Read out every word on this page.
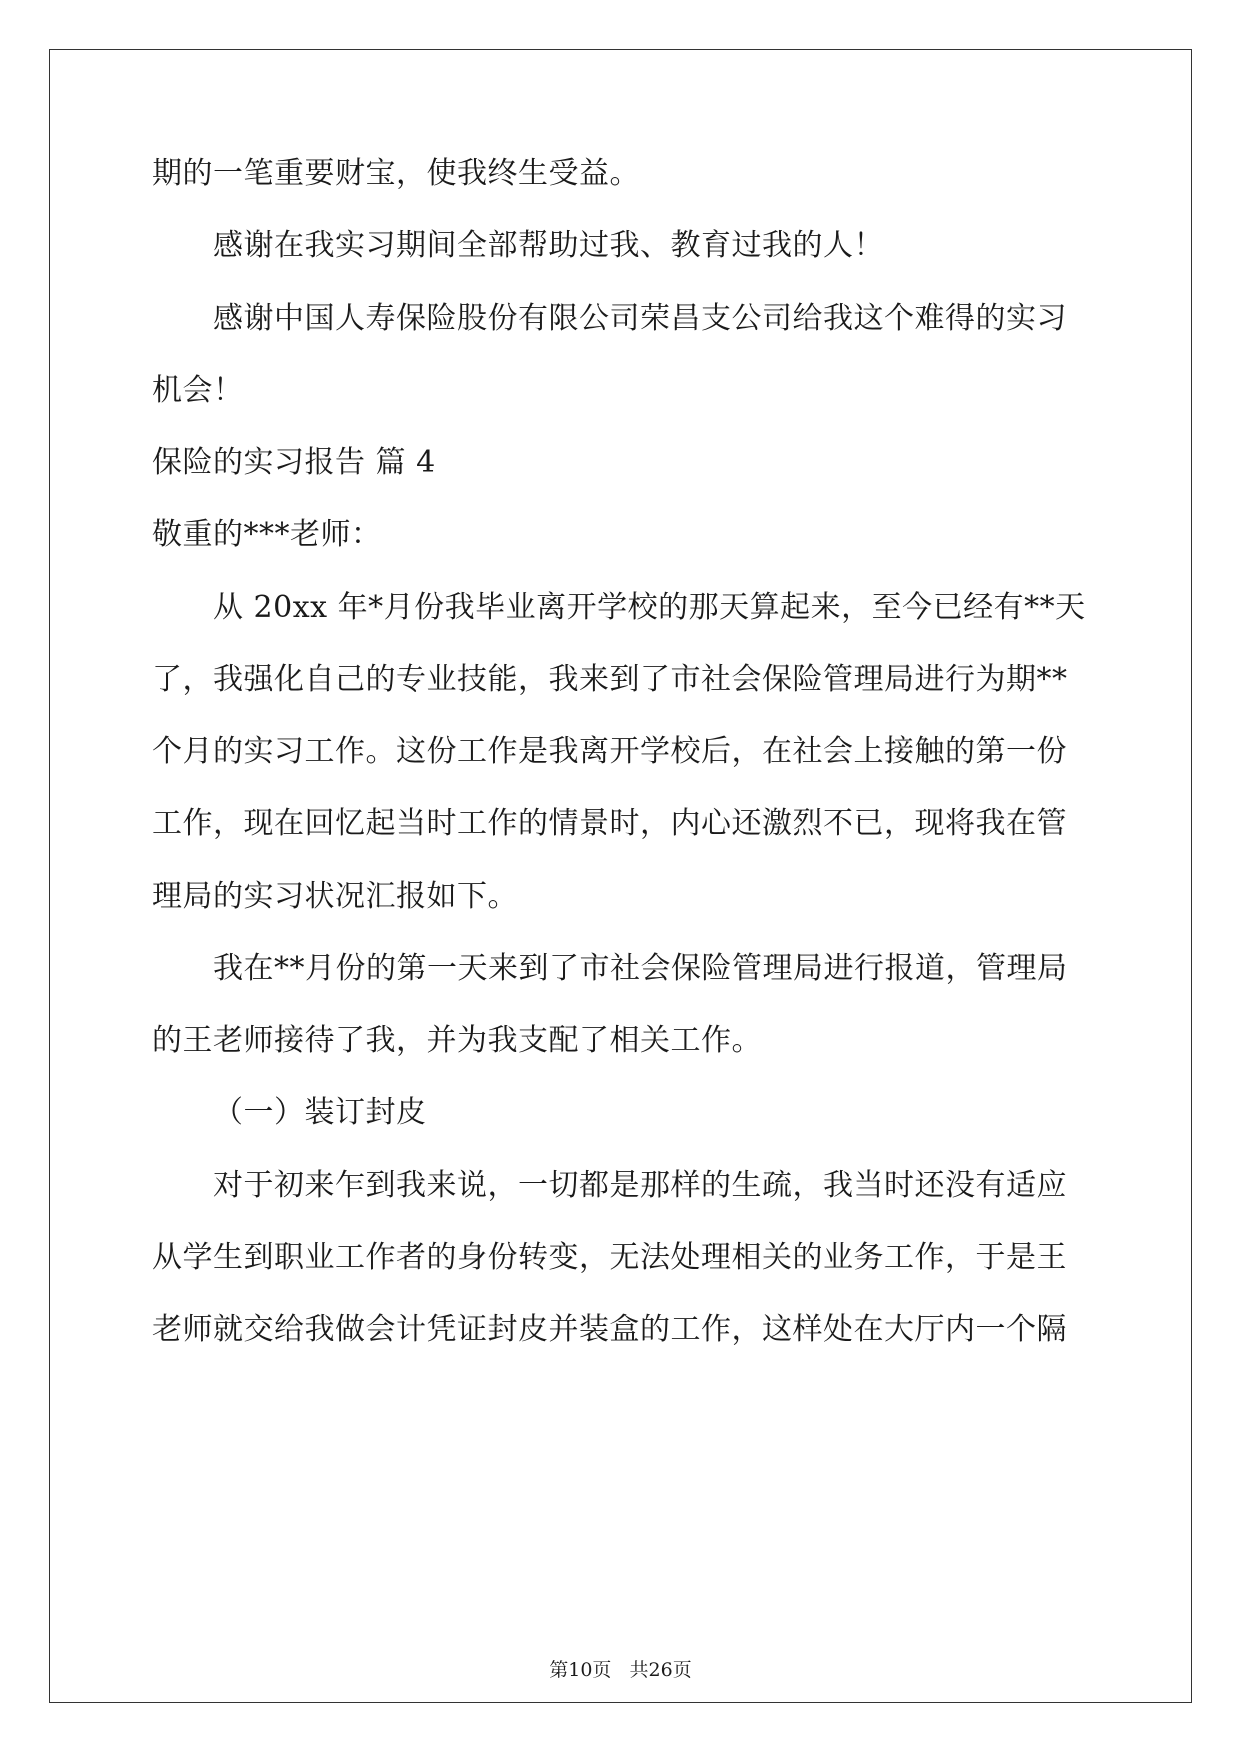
期的一笔重要财宝，使我终生受益。
感谢在我实习期间全部帮助过我、教育过我的人！
感谢中国人寿保险股份有限公司荣昌支公司给我这个难得的实习
机会！
保险的实习报告 篇 4
敬重的***老师：
从 20xx 年*月份我毕业离开学校的那天算起来，至今已经有**天
了，我强化自己的专业技能，我来到了市社会保险管理局进行为期**
个月的实习工作。这份工作是我离开学校后，在社会上接触的第一份
工作，现在回忆起当时工作的情景时，内心还激烈不已，现将我在管
理局的实习状况汇报如下。
我在**月份的第一天来到了市社会保险管理局进行报道，管理局
的王老师接待了我，并为我支配了相关工作。
（一）装订封皮
对于初来乍到我来说，一切都是那样的生疏，我当时还没有适应
从学生到职业工作者的身份转变，无法处理相关的业务工作，于是王
老师就交给我做会计凭证封皮并装盒的工作，这样处在大厅内一个隔
第10页   共26页
